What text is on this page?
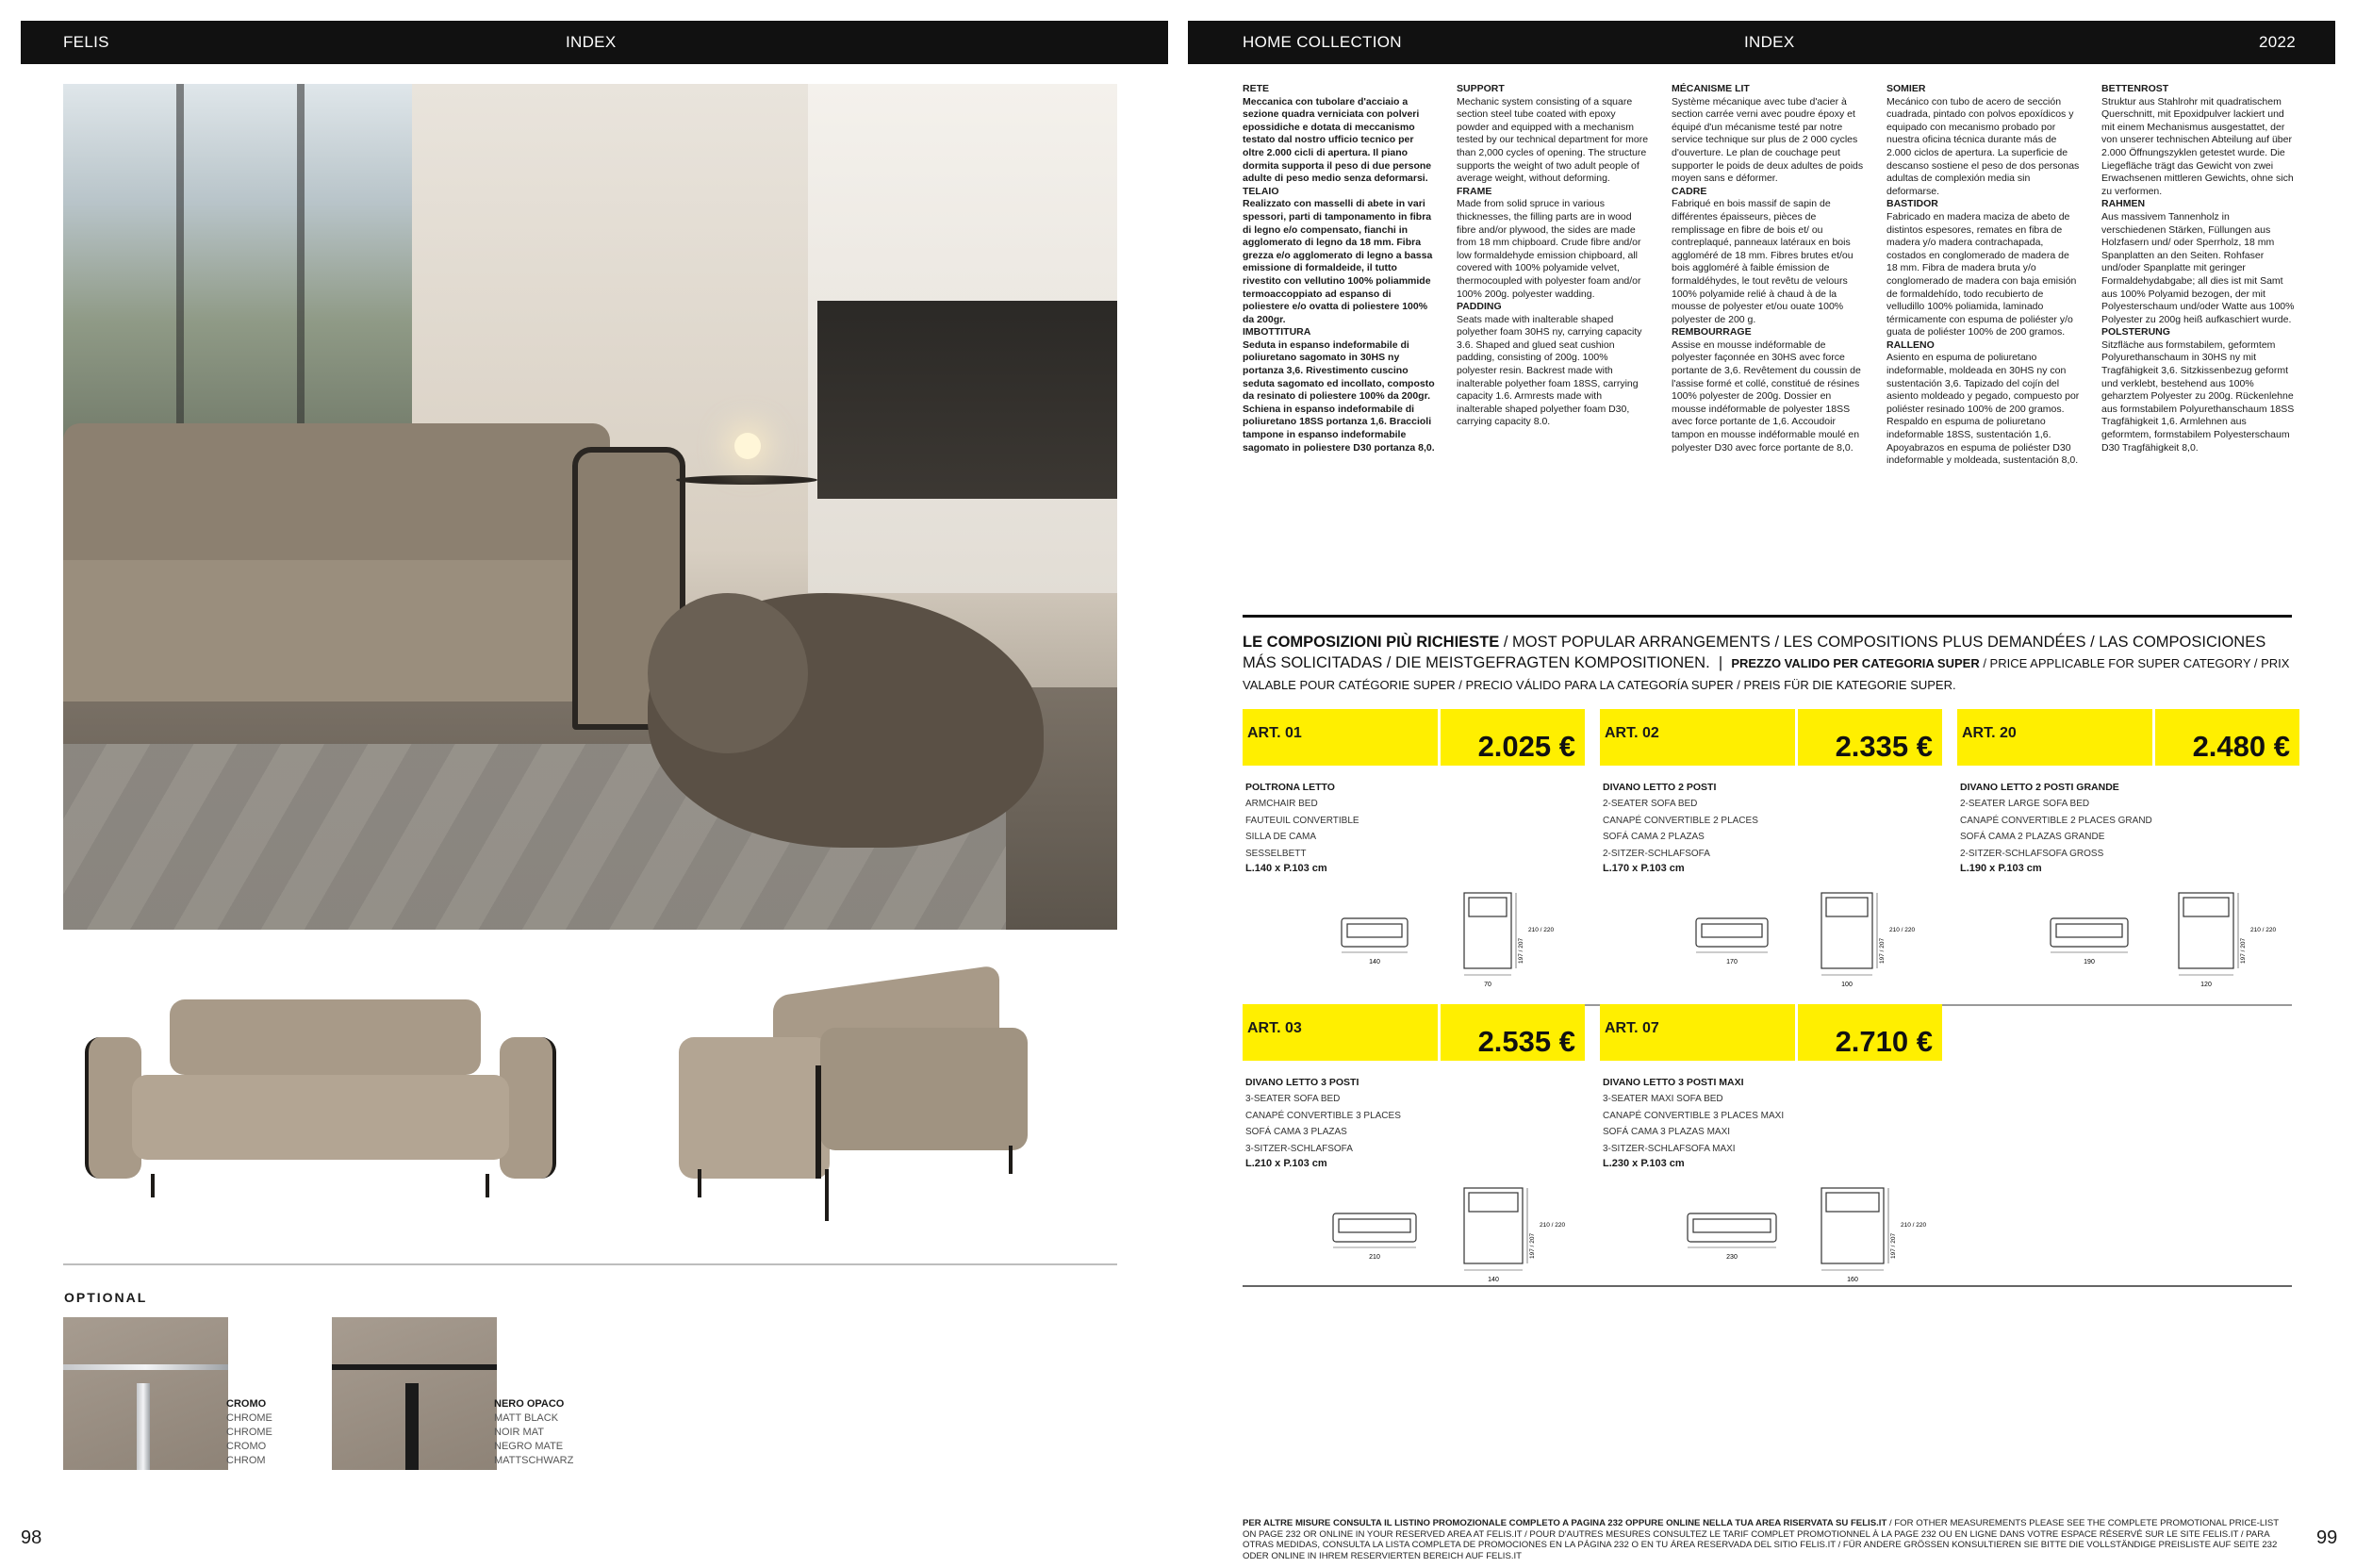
FELIS	INDEX	HOME COLLECTION	INDEX	2022
OPTIONAL
CROMO
CHROME
CHROME
CROMO
CHROM
NERO OPACO
MATT BLACK
NOIR MAT
NEGRO MATE
MATTSCHWARZ
98
RETE

Meccanica con tubolare d'acciaio a sezione quadra verniciata con polveri epossidiche e dotata di meccanismo testato dal nostro ufficio tecnico per oltre 2.000 cicli di apertura. Il piano dormita supporta il peso di due persone adulte di peso medio senza deformarsi.

TELAIO

Realizzato con masselli di abete in vari spessori, parti di tamponamento in fibra di legno e/o compensato, fianchi in agglomerato di legno da 18 mm. Fibra grezza e/o agglomerato di legno a bassa emissione di formaldeide, il tutto rivestito con vellutino 100% poliammide termoaccoppiato ad espanso di poliestere e/o ovatta di poliestere 100% da 200gr.

IMBOTTITURA

Seduta in espanso indeformabile di poliuretano sagomato in 30HS ny portanza 3,6. Rivestimento cuscino seduta sagomato ed incollato, composto da resinato di poliestere 100% da 200gr. Schiena in espanso indeformabile di poliuretano 18SS portanza 1,6. Braccioli tampone in espanso indeformabile sagomato in poliestere D30 portanza 8,0.

SUPPORT

Mechanic system consisting of a square section steel tube coated with epoxy powder and equipped with a mechanism tested by our technical department for more than 2,000 cycles of opening. The structure supports the weight of two adult people of average weight, without deforming.

FRAME

Made from solid spruce in various thicknesses, the filling parts are in wood fibre and/or plywood, the sides are made from 18 mm chipboard. Crude fibre and/or low formaldehyde emission chipboard, all covered with 100% polyamide velvet, thermocoupled with polyester foam and/or 100% 200g. polyester wadding.

PADDING

Seats made with inalterable shaped polyether foam 30HS ny, carrying capacity 3.6. Shaped and glued seat cushion padding, consisting of 200g. 100% polyester resin. Backrest made with inalterable polyether foam 18SS, carrying capacity 1.6. Armrests made with inalterable shaped polyether foam D30, carrying capacity 8.0.

MÉCANISME LIT

Système mécanique avec tube d'acier à section carrée verni avec poudre époxy et équipé d'un mécanisme testé par notre service technique sur plus de 2 000 cycles d'ouverture. Le plan de couchage peut supporter le poids de deux adultes de poids moyen sans e déformer.

CADRE

Fabriqué en bois massif de sapin de différentes épaisseurs, pièces de remplissage en fibre de bois et/ ou contreplaqué, panneaux latéraux en bois aggloméré de 18 mm. Fibres brutes et/ou bois aggloméré à faible émission de formaldéhydes, le tout revêtu de velours 100% polyamide relié à chaud à de la mousse de polyester et/ou ouate 100% polyester de 200 g.

REMBOURRAGE

Assise en mousse indéformable de polyester façonnée en 30HS avec force portante de 3,6. Revêtement du coussin de l'assise formé et collé, constitué de résines 100% polyester de 200g. Dossier en mousse indéformable de polyester 18SS avec force portante de 1,6. Accoudoir tampon en mousse indéformable moulé en polyester D30 avec force portante de 8,0.

SOMIER

Mecánico con tubo de acero de sección cuadrada, pintado con polvos epoxídicos y equipado con mecanismo probado por nuestra oficina técnica durante más de 2.000 ciclos de apertura. La superficie de descanso sostiene el peso de dos personas adultas de complexión media sin deformarse.

BASTIDOR

Fabricado en madera maciza de abeto de distintos espesores, remates en fibra de madera y/o madera contrachapada, costados en conglomerado de madera de 18 mm. Fibra de madera bruta y/o conglomerado de madera con baja emisión de formaldehído, todo recubierto de velludillo 100% poliamida, laminado térmicamente con espuma de poliéster y/o guata de poliéster 100% de 200 gramos.

RALLENO

Asiento en espuma de poliuretano indeformable, moldeada en 30HS ny con sustentación 3,6. Tapizado del cojín del asiento moldeado y pegado, compuesto por poliéster resinado 100% de 200 gramos. Respaldo en espuma de poliuretano indeformable 18SS, sustentación 1,6. Apoyabrazos en espuma de poliéster D30 indeformable y moldeada, sustentación 8,0.

BETTENROST

Struktur aus Stahlrohr mit quadratischem Querschnitt, mit Epoxidpulver lackiert und mit einem Mechanismus ausgestattet, der von unserer technischen Abteilung auf über 2.000 Öffnungszyklen getestet wurde. Die Liegefläche trägt das Gewicht von zwei Erwachsenen mittleren Gewichts, ohne sich zu verformen.

RAHMEN

Aus massivem Tannenholz in verschiedenen Stärken, Füllungen aus Holzfasern und/ oder Sperrholz, 18 mm Spanplatten an den Seiten. Rohfaser und/oder Spanplatte mit geringer Formaldehydabgabe; all dies ist mit Samt aus 100% Polyamid bezogen, der mit Polyesterschaum und/oder Watte aus 100% Polyester zu 200g heiß aufkaschiert wurde.

POLSTERUNG

Sitzfläche aus formstabilem, geformtem Polyurethanschaum in 30HS ny mit Tragfähigkeit 3,6. Sitzkissenbezug geformt und verklebt, bestehend aus 100% geharztem Polyester zu 200g. Rückenlehne aus formstabilem Polyurethanschaum 18SS Tragfähigkeit 1,6. Armlehnen aus geformtem, formstabilem Polyesterschaum D30 Tragfähigkeit 8,0.

LE COMPOSIZIONI PIÙ RICHIESTE / MOST POPULAR ARRANGEMENTS / LES COMPOSITIONS PLUS DEMANDÉES / LAS COMPOSICIONES MÁS SOLICITADAS / DIE MEISTGEFRAGTEN KOMPOSITIONEN. | PREZZO VALIDO PER CATEGORIA SUPER / PRICE APPLICABLE FOR SUPER CATEGORY / PRIX VALABLE POUR CATÉGORIE SUPER / PRECIO VÁLIDO PARA LA CATEGORÍA SUPER / PREIS FÜR DIE KATEGORIE SUPER.
ART. 01	2.025 €
POLTRONA LETTO
ARMCHAIR BED
FAUTEUIL CONVERTIBLE
SILLA DE CAMA
SESSELBETT
L.140 x P.103 cm
140
70
197 / 207
210 / 220
ART. 02	2.335 €
DIVANO LETTO 2 POSTI
2-SEATER SOFA BED
CANAPÉ CONVERTIBLE 2 PLACES
SOFÁ CAMA 2 PLAZAS
2-SITZER-SCHLAFSOFA
L.170 x P.103 cm
170
100
197 / 207
210 / 220
ART. 20	2.480 €
DIVANO LETTO 2 POSTI GRANDE
2-SEATER LARGE SOFA BED
CANAPÉ CONVERTIBLE 2 PLACES GRAND
SOFÁ CAMA 2 PLAZAS GRANDE
2-SITZER-SCHLAFSOFA GROSS
L.190 x P.103 cm
190
120
197 / 207
210 / 220
ART. 03	2.535 €
DIVANO LETTO 3 POSTI
3-SEATER SOFA BED
CANAPÉ CONVERTIBLE 3 PLACES
SOFÁ CAMA 3 PLAZAS
3-SITZER-SCHLAFSOFA
L.210 x P.103 cm
210
140
197 / 207
210 / 220
ART. 07	2.710 €
DIVANO LETTO 3 POSTI MAXI
3-SEATER MAXI SOFA BED
CANAPÉ CONVERTIBLE 3 PLACES MAXI
SOFÁ CAMA 3 PLAZAS MAXI
3-SITZER-SCHLAFSOFA MAXI
L.230 x P.103 cm
230
160
197 / 207
210 / 220
PER ALTRE MISURE CONSULTA IL LISTINO PROMOZIONALE COMPLETO A PAGINA 232 OPPURE ONLINE NELLA TUA AREA RISERVATA SU FELIS.IT / FOR OTHER MEASUREMENTS PLEASE SEE THE COMPLETE PROMOTIONAL PRICE-LIST ON PAGE 232 OR ONLINE IN YOUR RESERVED AREA AT FELIS.IT / POUR D'AUTRES MESURES CONSULTEZ LE TARIF COMPLET PROMOTIONNEL À LA PAGE 232 OU EN LIGNE DANS VOTRE ESPACE RÉSERVÉ SUR LE SITE FELIS.IT / PARA OTRAS MEDIDAS, CONSULTA LA LISTA COMPLETA DE PROMOCIONES EN LA PÁGINA 232 O EN TU ÁREA RESERVADA DEL SITIO FELIS.IT / FÜR ANDERE GRÖSSEN KONSULTIEREN SIE BITTE DIE VOLLSTÄNDIGE PREISLISTE AUF SEITE 232 ODER ONLINE IN IHREM RESERVIERTEN BEREICH AUF FELIS.IT
99
